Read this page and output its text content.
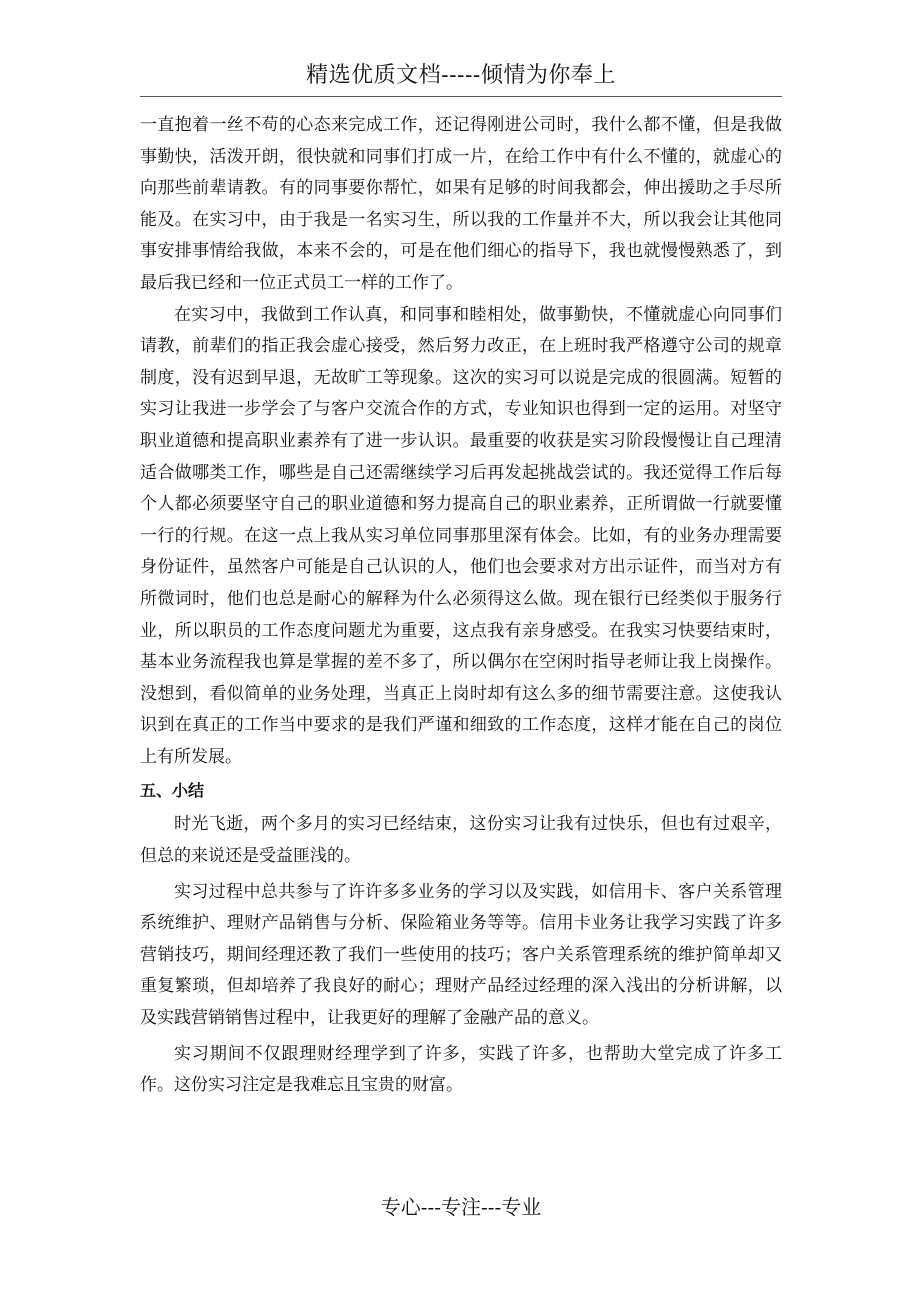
精选优质文档-----倾情为你奉上

一直抱着一丝不苟的心态来完成工作，还记得刚进公司时，我什么都不懂，但是我做事勤快，活泼开朗，很快就和同事们打成一片，在给工作中有什么不懂的，就虚心的向那些前辈请教。有的同事要你帮忙，如果有足够的时间我都会，伸出援助之手尽所能及。在实习中，由于我是一名实习生，所以我的工作量并不大，所以我会让其他同事安排事情给我做，本来不会的，可是在他们细心的指导下，我也就慢慢熟悉了，到最后我已经和一位正式员工一样的工作了。

在实习中，我做到工作认真，和同事和睦相处，做事勤快，不懂就虚心向同事们请教，前辈们的指正我会虚心接受，然后努力改正，在上班时我严格遵守公司的规章制度，没有迟到早退，无故旷工等现象。这次的实习可以说是完成的很圆满。短暂的实习让我进一步学会了与客户交流合作的方式，专业知识也得到一定的运用。对坚守职业道德和提高职业素养有了进一步认识。最重要的收获是实习阶段慢慢让自己理清适合做哪类工作，哪些是自己还需继续学习后再发起挑战尝试的。我还觉得工作后每个人都必须要坚守自己的职业道德和努力提高自己的职业素养，正所谓做一行就要懂一行的行规。在这一点上我从实习单位同事那里深有体会。比如，有的业务办理需要身份证件，虽然客户可能是自己认识的人，他们也会要求对方出示证件，而当对方有所微词时，他们也总是耐心的解释为什么必须得这么做。现在银行已经类似于服务行业，所以职员的工作态度问题尤为重要，这点我有亲身感受。在我实习快要结束时，基本业务流程我也算是掌握的差不多了，所以偶尔在空闲时指导老师让我上岗操作。没想到，看似简单的业务处理，当真正上岗时却有这么多的细节需要注意。这使我认识到在真正的工作当中要求的是我们严谨和细致的工作态度，这样才能在自己的岗位上有所发展。

五、小结

时光飞逝，两个多月的实习已经结束，这份实习让我有过快乐，但也有过艰辛，但总的来说还是受益匪浅的。

实习过程中总共参与了许许多多业务的学习以及实践，如信用卡、客户关系管理系统维护、理财产品销售与分析、保险箱业务等等。信用卡业务让我学习实践了许多营销技巧，期间经理还教了我们一些使用的技巧；客户关系管理系统的维护简单却又重复繁琐，但却培养了我良好的耐心；理财产品经过经理的深入浅出的分析讲解，以及实践营销销售过程中，让我更好的理解了金融产品的意义。

实习期间不仅跟理财经理学到了许多，实践了许多，也帮助大堂完成了许多工作。这份实习注定是我难忘且宝贵的财富。

专心---专注---专业
